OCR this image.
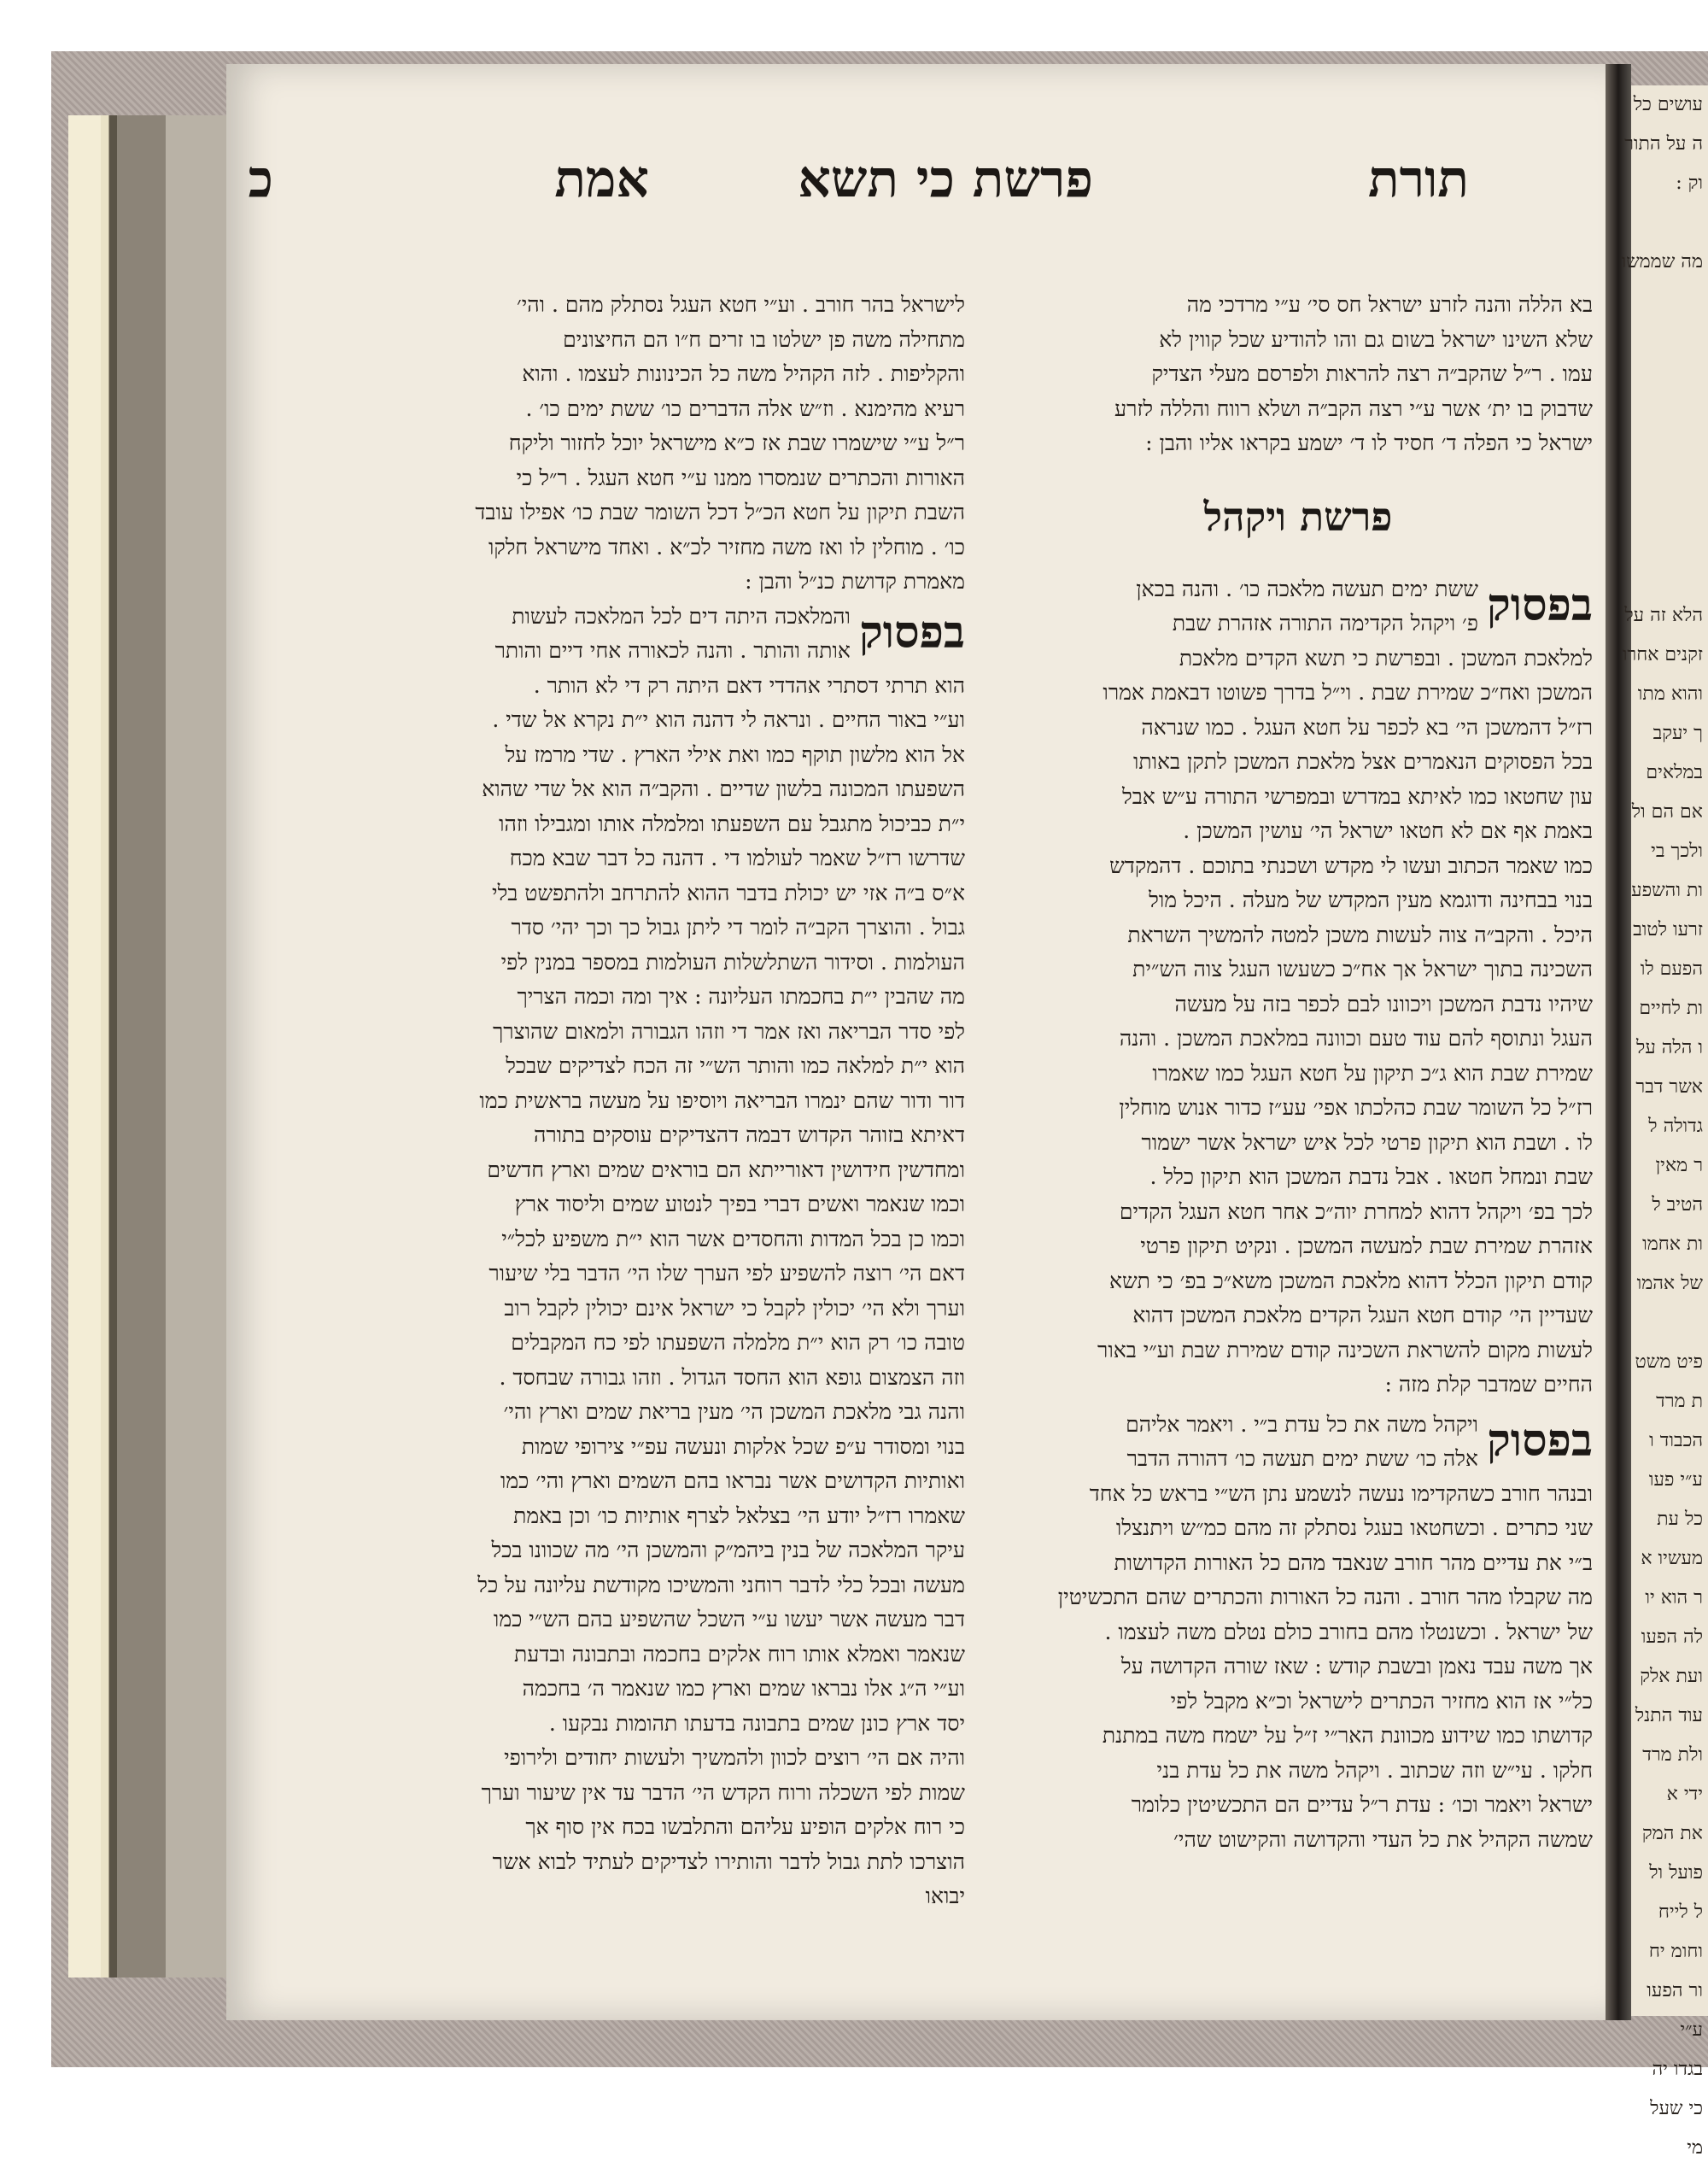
תורת
פרשת כי תשא
אמת
כ
בא הללה והנה לזרע ישראל חס סי׳ ע״י מרדכי מה
שלא השינו ישראל בשום גם והו להודיע שכל קווין לא
עמו . ר״ל שהקב״ה רצה להראות ולפרסם מעלי הצדיק
שדבוק בו ית׳ אשר ע״י רצה הקב״ה ושלא רווח והללה לזרע
ישראל כי הפלה ד׳ חסיד לו ד׳ ישמע בקראו אליו והבן :
פרשת ויקהל
בפסוק
ששת ימים תעשה מלאכה כו׳ . והנה בכאן
פ׳ ויקהל הקדימה התורה אזהרת שבת
למלאכת המשכן . ובפרשת כי תשא הקדים מלאכת
המשכן ואח״כ שמירת שבת . וי״ל בדרך פשוטו דבאמת אמרו
רז״ל דהמשכן הי׳ בא לכפר על חטא העגל . כמו שנראה
בכל הפסוקים הנאמרים אצל מלאכת המשכן לתקן באותו
עון שחטאו כמו לאיתא במדרש ובמפרשי התורה ע״ש אבל
באמת אף אם לא חטאו ישראל הי׳ עושין המשכן .
כמו שאמר הכתוב ועשו לי מקדש ושכנתי בתוכם . דהמקדש
בנוי בבחינה ודוגמא מעין המקדש של מעלה . היכל מול
היכל . והקב״ה צוה לעשות משכן למטה להמשיך השראת
השכינה בתוך ישראל אך אח״כ כשעשו העגל צוה הש״ית
שיהיו נדבת המשכן ויכוונו לבם לכפר בזה על מעשה
העגל ונתוסף להם עוד טעם וכוונה במלאכת המשכן . והנה
שמירת שבת הוא ג״כ תיקון על חטא העגל כמו שאמרו
רז״ל כל השומר שבת כהלכתו אפי׳ עע״ז כדור אנוש מוחלין
לו . ושבת הוא תיקון פרטי לכל איש ישראל אשר ישמור
שבת ונמחל חטאו . אבל נדבת המשכן הוא תיקון כלל .
לכך בפ׳ ויקהל דהוא למחרת יוה״כ אחר חטא העגל הקדים
אזהרת שמירת שבת למעשה המשכן . ונקיט תיקון פרטי
קודם תיקון הכלל דהוא מלאכת המשכן משא״כ בפ׳ כי תשא
שעדיין הי׳ קודם חטא העגל הקדים מלאכת המשכן דהוא
לעשות מקום להשראת השכינה קודם שמירת שבת וע״י באור
החיים שמדבר קלת מזה :
בפסוק
ויקהל משה את כל עדת ב״י . ויאמר אליהם
אלה כו׳ ששת ימים תעשה כו׳ דהורה הדבר
ובנהר חורב כשהקדימו נעשה לנשמע נתן הש״י בראש כל אחד
שני כתרים . וכשחטאו בעגל נסתלק זה מהם כמ״ש ויתנצלו
ב״י את עדיים מהר חורב שנאבד מהם כל האורות הקדושות
מה שקבלו מהר חורב . והנה כל האורות והכתרים שהם התכשיטין
של ישראל . וכשנטלו מהם בחורב כולם נטלם משה לעצמו .
אך משה עבד נאמן ובשבת קודש : שאז שורה הקדושה על
כל״י אז הוא מחזיר הכתרים לישראל וכ״א מקבל לפי
קדושתו כמו שידוע מכוונת האר״י ז״ל על ישמח משה במתנת
חלקו . עי״ש וזה שכתוב . ויקהל משה את כל עדת בני
ישראל ויאמר וכו׳ : עדת ר״ל עדיים הם התכשיטין כלומר
שמשה הקהיל את כל העדי והקדושה והקישוט שהי׳
לישראל בהר חורב . וע״י חטא העגל נסתלק מהם . והי׳
מתחילה משה פן ישלטו בו זרים ח״ו הם החיצונים
והקליפות . לזה הקהיל משה כל הכינונות לעצמו . והוא
רעיא מהימנא . וז״ש אלה הדברים כו׳ ששת ימים כו׳ .
ר״ל ע״י שישמרו שבת אז כ״א מישראל יוכל לחזור וליקח
האורות והכתרים שנמסרו ממנו ע״י חטא העגל . ר״ל כי
השבת תיקון על חטא הכ״ל דכל השומר שבת כו׳ אפילו עובד
כו׳ . מוחלין לו ואז משה מחזיר לכ״א . ואחד מישראל חלקו
מאמרת קדושת כנ״ל והבן :
בפסוק
והמלאכה היתה דים לכל המלאכה לעשות
אותה והותר . והנה לכאורה אחי דיים והותר
הוא תרתי דסתרי אהדדי דאם היתה רק די לא הותר .
וע״י באור החיים . ונראה לי דהנה הוא י״ת נקרא אל שדי .
אל הוא מלשון תוקף כמו ואת אילי הארץ . שדי מרמז על
השפעתו המכונה בלשון שדיים . והקב״ה הוא אל שדי שהוא
י״ת כביכול מתגבל עם השפעתו ומלמלה אותו ומגבילו וזהו
שדרשו רז״ל שאמר לעולמו די . דהנה כל דבר שבא מכח
א״ס ב״ה אזי יש יכולת בדבר ההוא להתרחב ולהתפשט בלי
גבול . והוצרך הקב״ה לומר די ליתן גבול כך וכך יהי׳ סדר
העולמות . וסידור השתלשלות העולמות במספר במנין לפי
מה שהבין י״ת בחכמתו העליונה : איך ומה וכמה הצריך
לפי סדר הבריאה ואז אמר די וזהו הגבורה ולמאום שהוצרך
הוא י״ת למלאה כמו והותר הש״י זה הכח לצדיקים שבכל
דור ודור שהם ינמרו הבריאה ויוסיפו על מעשה בראשית כמו
דאיתא בזוהר הקדוש דבמה דהצדיקים עוסקים בתורה
ומחדשין חידושין דאורייתא הם בוראים שמים וארץ חדשים
וכמו שנאמר ואשים דברי בפיך לנטוע שמים וליסוד ארץ
וכמו כן בכל המדות והחסדים אשר הוא י״ת משפיע לכל״י
דאם הי׳ רוצה להשפיע לפי הערך שלו הי׳ הדבר בלי שיעור
וערך ולא הי׳ יכולין לקבל כי ישראל אינם יכולין לקבל רוב
טובה כו׳ רק הוא י״ת מלמלה השפעתו לפי כח המקבלים
וזה הצמצום גופא הוא החסד הגדול . וזהו גבורה שבחסד .
והנה גבי מלאכת המשכן הי׳ מעין בריאת שמים וארץ והי׳
בנוי ומסודר ע״פ שכל אלקות ונעשה עפ״י צירופי שמות
ואותיות הקדושים אשר נבראו בהם השמים וארץ והי׳ כמו
שאמרו רז״ל יודע הי׳ בצלאל לצרף אותיות כו׳ וכן באמת
עיקר המלאכה של בנין ביהמ״ק והמשכן הי׳ מה שכוונו בכל
מעשה ובכל כלי לדבר רוחני והמשיכו מקודשת עליונה על כל
דבר מעשה אשר יעשו ע״י השכל שהשפיע בהם הש״י כמו
שנאמר ואמלא אותו רוח אלקים בחכמה ובתבונה ובדעת
וע״י ה״ג אלו נבראו שמים וארץ כמו שנאמר ה׳ בחכמה
יסד ארץ כונן שמים בתבונה בדעתו תהומות נבקעו .
והיה אם הי׳ רוצים לכוון ולהמשיך ולעשות יחודים ולירופי
שמות לפי השכלה ורוח הקדש הי׳ הדבר עד אין שיעור וערך
כי רוח אלקים הופיע עליהם והתלבשו בכח אין סוף אך
הוצרכו לתת גבול לדבר והותירו לצדיקים לעתיד לבוא אשר
יבואו
עושים כל
ה על התור
וק :

מה שממשו

הלא זה על
זקנים אחרו
והוא מתו
ך יעקב
במלאים
אם הם ול
ולכך בי
ות והשפע
זרעו לטוב
הפעם לו
ות לחיים
ו הלה על
אשר דבר
גדולה ל
ר מאין
הטיב ל
ות אחמו
של אהמו

פיט משט
ת מרד
הכבוד ו
ע״י פעו
כל עת
מעשיו א
ר הוא יו
לה הפעו
ועת אלק
עוד התנל
ולת מרד
ידי א
את המק
פועל ול
ל לייח
וחומ יח
ור הפעו
ע״י
בגדו יה
כי שעל
מי
